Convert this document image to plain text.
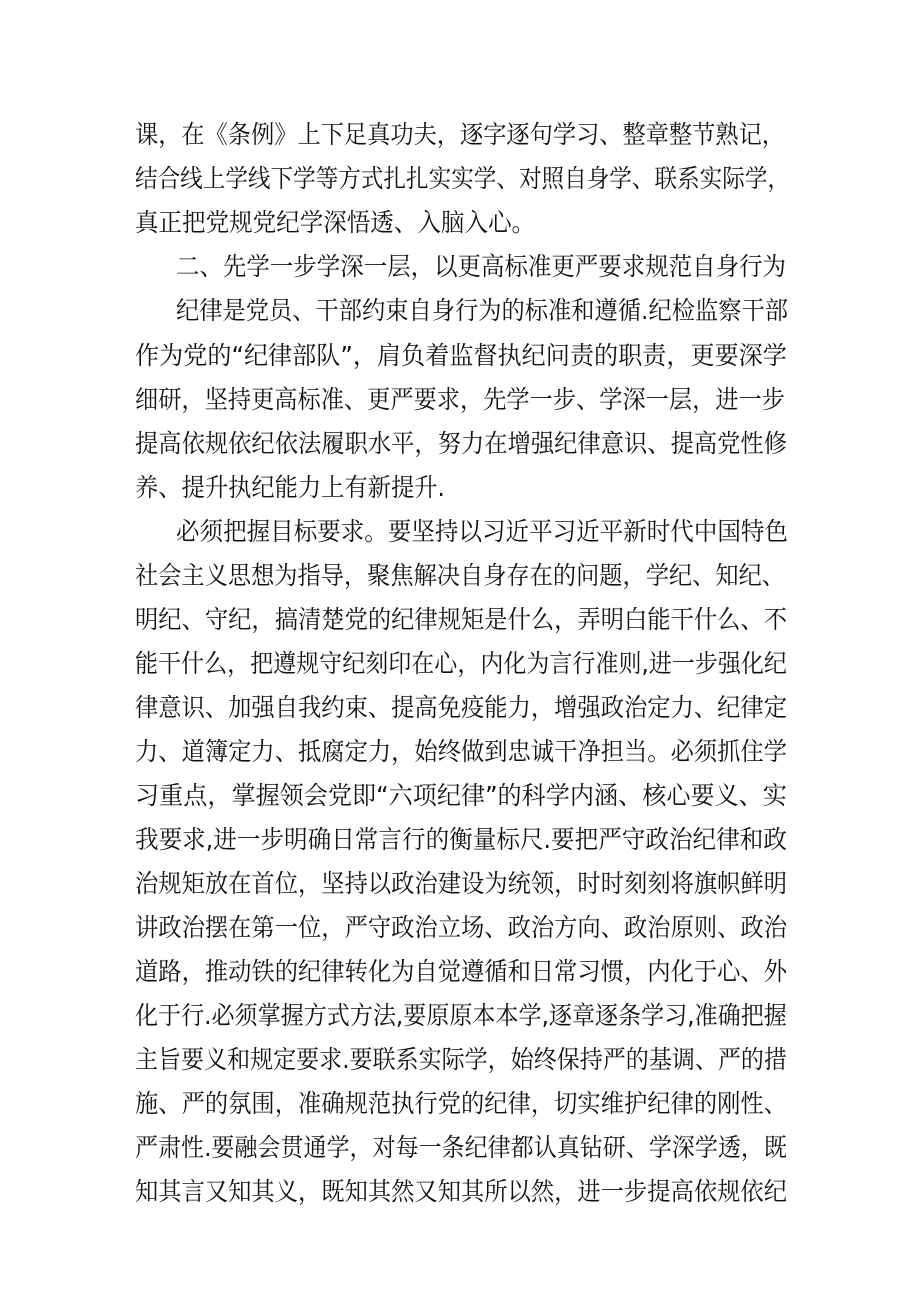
课，在《条例》上下足真功夫，逐字逐句学习、整章整节熟记，
结合线上学线下学等方式扎扎实实学、对照自身学、联系实际学，
真正把党规党纪学深悟透、入脑入心。
二、先学一步学深一层，以更高标准更严要求规范自身行为
纪律是党员、干部约束自身行为的标准和遵循.纪检监察干部
作为党的“纪律部队”，肩负着监督执纪问责的职责，更要深学
细研，坚持更高标准、更严要求，先学一步、学深一层，进一步
提高依规依纪依法履职水平，努力在增强纪律意识、提高党性修
养、提升执纪能力上有新提升.
必须把握目标要求。要坚持以习近平习近平新时代中国特色
社会主义思想为指导，聚焦解决自身存在的问题，学纪、知纪、
明纪、守纪，搞清楚党的纪律规矩是什么，弄明白能干什么、不
能干什么，把遵规守纪刻印在心，内化为言行准则,进一步强化纪
律意识、加强自我约束、提高免疫能力，增强政治定力、纪律定
力、道簿定力、抵腐定力，始终做到忠诚干净担当。必须抓住学
习重点，掌握领会党即“六项纪律”的科学内涵、核心要义、实
我要求,进一步明确日常言行的衡量标尺.要把严守政治纪律和政
治规矩放在首位，坚持以政治建设为统领，时时刻刻将旗帜鲜明
讲政治摆在第一位，严守政治立场、政治方向、政治原则、政治
道路，推动铁的纪律转化为自觉遵循和日常习惯，内化于心、外
化于行.必须掌握方式方法,要原原本本学,逐章逐条学习,准确把握
主旨要义和规定要求.要联系实际学，始终保持严的基调、严的措
施、严的氛围，准确规范执行党的纪律，切实维护纪律的刚性、
严肃性.要融会贯通学，对每一条纪律都认真钻研、学深学透，既
知其言又知其义，既知其然又知其所以然，进一步提高依规依纪
